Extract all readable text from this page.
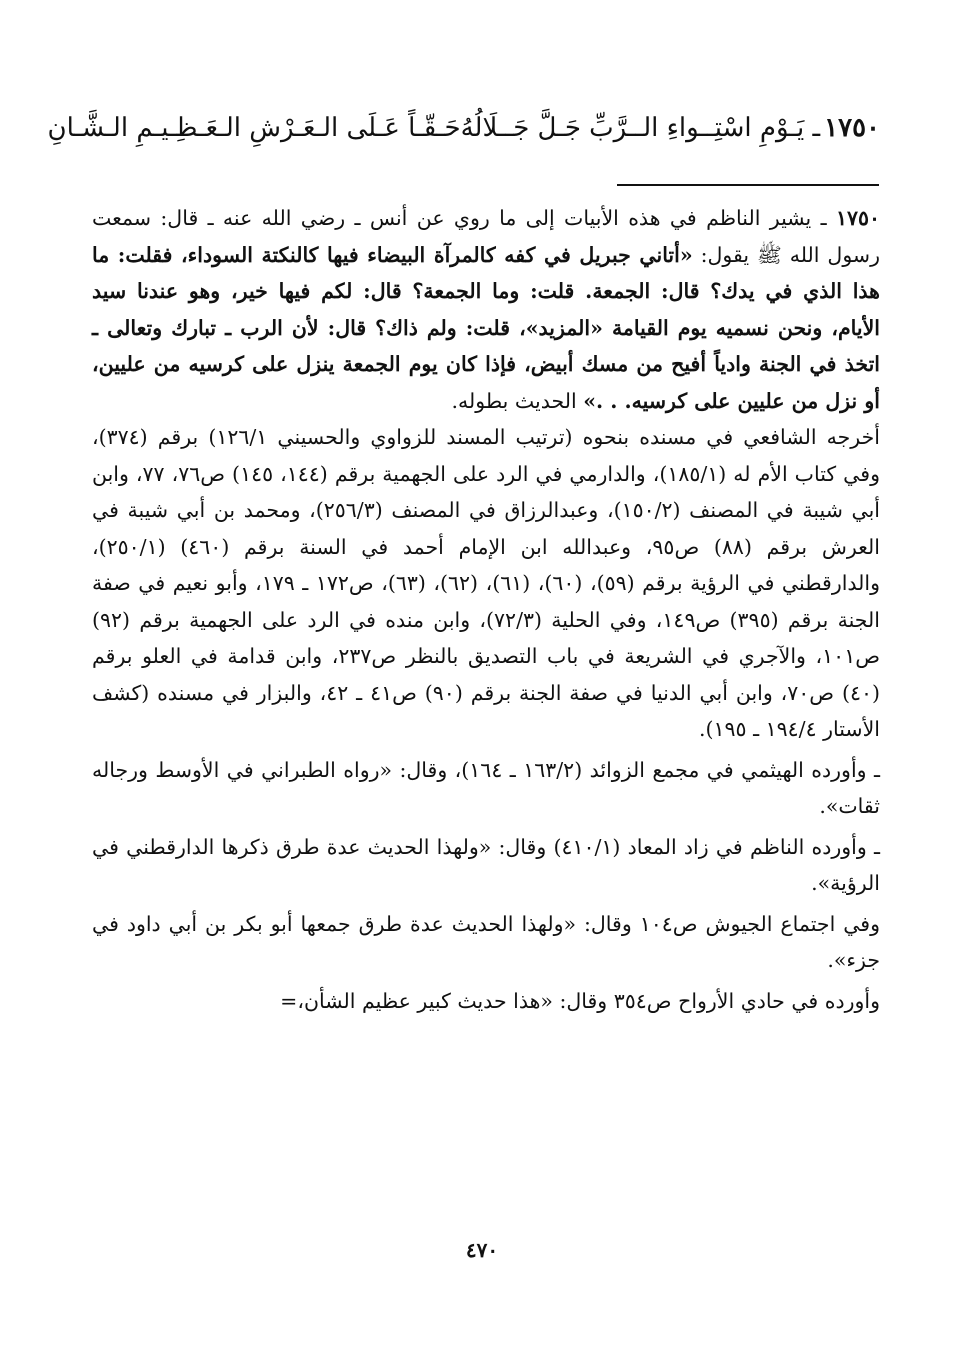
١٧٥٠
ـ يَـوْمِ اسْتِــواءِ الــرَّبِّ جَـلَّ جَــلَالُهُ
حَـقّـاً عَـلَى الـعَـرْشِ الـعَـظِـيـمِ الـشَّـانِ

١٧٥٠ ـ يشير الناظم في هذه الأبيات إلى ما روي عن أنس ـ رضي الله عنه ـ قال: سمعت رسول الله ﷺ يقول: «أتاني جبريل في كفه كالمرآة البيضاء فيها كالنكتة السوداء، فقلت: ما هذا الذي في يدك؟ قال: الجمعة. قلت: وما الجمعة؟ قال: لكم فيها خير، وهو عندنا سيد الأيام، ونحن نسميه يوم القيامة «المزيد»، قلت: ولم ذاك؟ قال: لأن الرب ـ تبارك وتعالى ـ اتخذ في الجنة وادياً أفيح من مسك أبيض، فإذا كان يوم الجمعة ينزل على كرسيه من عليين، أو نزل من عليين على كرسيه. . .» الحديث بطوله.

أخرجه الشافعي في مسنده بنحوه (ترتيب المسند للزواوي والحسيني ١٢٦/١) برقم (٣٧٤)، وفي كتاب الأم له (١٨٥/١)، والدارمي في الرد على الجهمية برقم (١٤٤، ١٤٥) ص٧٦، ٧٧، وابن أبي شيبة في المصنف (١٥٠/٢)، وعبدالرزاق في المصنف (٢٥٦/٣)، ومحمد بن أبي شيبة في العرش برقم (٨٨) ص٩٥، وعبدالله ابن الإمام أحمد في السنة برقم (٤٦٠) (٢٥٠/١)، والدارقطني في الرؤية برقم (٥٩)، (٦٠)، (٦١)، (٦٢)، (٦٣)، ص١٧٢ ـ ١٧٩، وأبو نعيم في صفة الجنة برقم (٣٩٥) ص١٤٩، وفي الحلية (٧٢/٣)، وابن منده في الرد على الجهمية برقم (٩٢) ص١٠١، والآجري في الشريعة في باب التصديق بالنظر ص٢٣٧، وابن قدامة في العلو برقم (٤٠) ص٧٠، وابن أبي الدنيا في صفة الجنة برقم (٩٠) ص٤١ ـ ٤٢، والبزار في مسنده (كشف الأستار ١٩٤/٤ ـ ١٩٥).

ـ وأورده الهيثمي في مجمع الزوائد (١٦٣/٢ ـ ١٦٤)، وقال: «رواه الطبراني في الأوسط ورجاله ثقات».

ـ وأورده الناظم في زاد المعاد (٤١٠/١) وقال: «ولهذا الحديث عدة طرق ذكرها الدارقطني في الرؤية».

وفي اجتماع الجيوش ص١٠٤ وقال: «ولهذا الحديث عدة طرق جمعها أبو بكر بن أبي داود في جزء».

وأورده في حادي الأرواح ص٣٥٤ وقال: «هذا حديث كبير عظيم الشأن،=

٤٧٠
